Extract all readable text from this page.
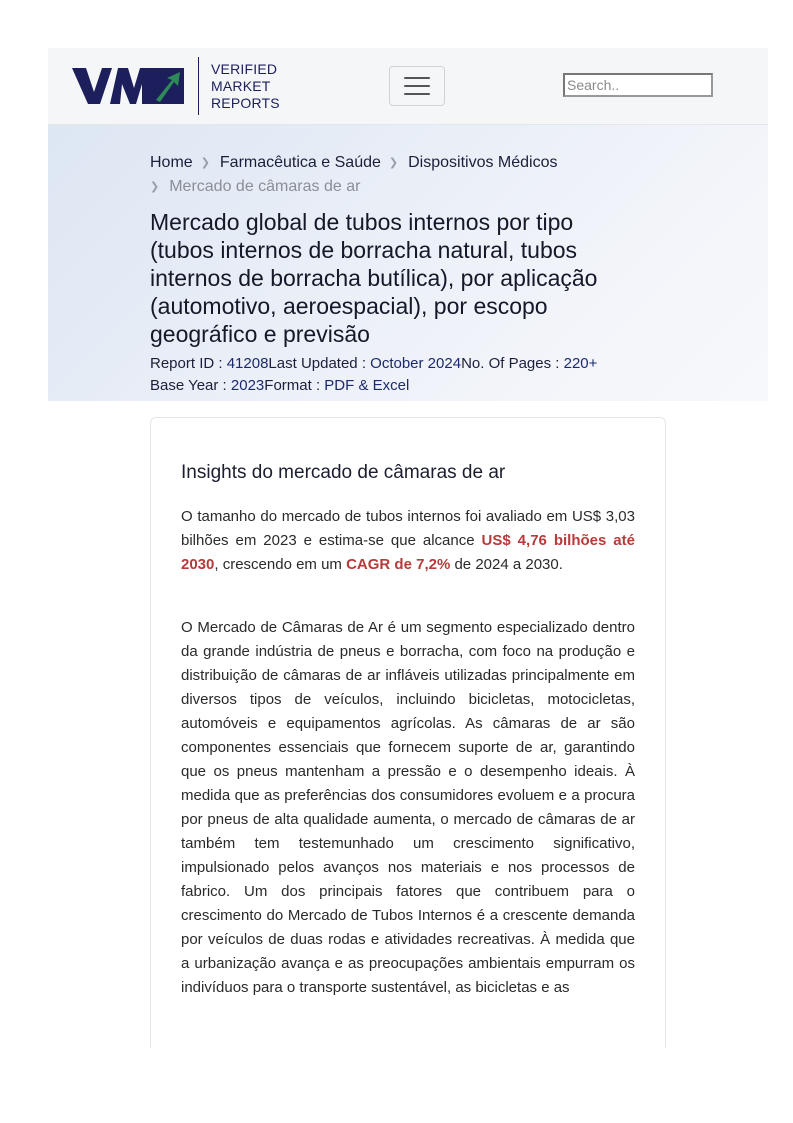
VERIFIED
MARKET
REPORTS
Search..
Home ❯ Farmacêutica e Saúde ❯ Dispositivos Médicos
❯ Mercado de câmaras de ar
Mercado global de tubos internos por tipo (tubos internos de borracha natural, tubos internos de borracha butílica), por aplicação (automotivo, aeroespacial), por escopo geográfico e previsão
Report ID : 41208Last Updated : October 2024No. Of Pages : 220+
Base Year : 2023Format : PDF & Excel
Insights do mercado de câmaras de ar

O tamanho do mercado de tubos internos foi avaliado em US$ 3,03 bilhões em 2023 e estima-se que alcance US$ 4,76 bilhões até 2030, crescendo em um CAGR de 7,2% de 2024 a 2030.

O Mercado de Câmaras de Ar é um segmento especializado dentro da grande indústria de pneus e borracha, com foco na produção e distribuição de câmaras de ar infláveis utilizadas principalmente em diversos tipos de veículos, incluindo bicicletas, motocicletas, automóveis e equipamentos agrícolas. As câmaras de ar são componentes essenciais que fornecem suporte de ar, garantindo que os pneus mantenham a pressão e o desempenho ideais. À medida que as preferências dos consumidores evoluem e a procura por pneus de alta qualidade aumenta, o mercado de câmaras de ar também tem testemunhado um crescimento significativo, impulsionado pelos avanços nos materiais e nos processos de fabrico. Um dos principais fatores que contribuem para o crescimento do Mercado de Tubos Internos é a crescente demanda por veículos de duas rodas e atividades recreativas. À medida que a urbanização avança e as preocupações ambientais empurram os indivíduos para o transporte sustentável, as bicicletas e as
